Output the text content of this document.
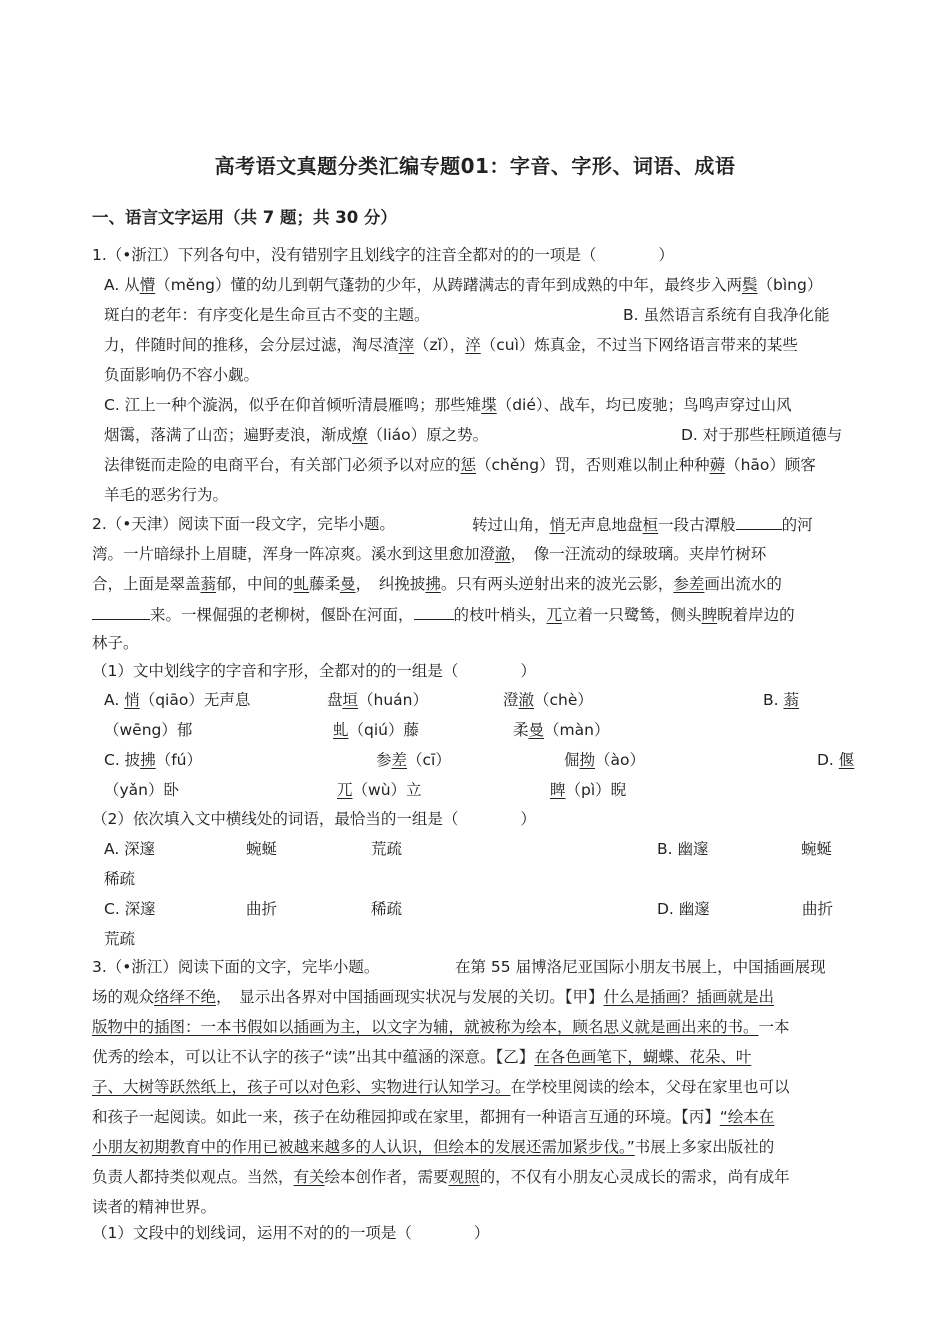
高考语文真题分类汇编专题01：字音、字形、词语、成语
一、语言文字运用（共 7 题；共 30 分）
1.（•浙江）下列各句中，没有错别字且划线字的注音全都对的的一项是（　　　　）
A. 从懵（měng）懂的幼儿到朝气蓬勃的少年，从踌躇满志的青年到成熟的中年，最终步入两鬓（bìng）
斑白的老年：有序变化是生命亘古不变的主题。	B. 虽然语言系统有自我净化能
力，伴随时间的推移，会分层过滤，淘尽渣滓（zǐ），淬（cuì）炼真金，不过当下网络语言带来的某些
负面影响仍不容小觑。
C. 江上一种个漩涡，似乎在仰首倾听清晨雁鸣；那些雉堞（dié）、战车，均已废驰；鸟鸣声穿过山风
烟霭，落满了山峦；遍野麦浪，渐成燎（liáo）原之势。	D. 对于那些枉顾道德与
法律铤而走险的电商平台，有关部门必须予以对应的惩（chěng）罚，否则难以制止种种薅（hāo）顾客
羊毛的恶劣行为。
2.（•天津）阅读下面一段文字，完毕小题。	转过山角，悄无声息地盘桓一段古潭般	的河
湾。一片暗绿扑上眉睫，浑身一阵凉爽。溪水到这里愈加澄澈，　像一汪流动的绿玻璃。夹岸竹树环
合，上面是翠盖蓊郁，中间的虬藤柔曼，　纠挽披拂。只有两头逆射出来的波光云影，参差画出流水的
来。一棵倔强的老柳树，偃卧在河面，	的枝叶梢头，兀立着一只鹭鸶，侧头睥睨着岸边的
林子。
（1）文中划线字的字音和字形，全都对的的一组是（　　　　）
A. 悄（qiāo）无声息	盘垣（huán）	澄澈（chè）	B. 蓊
（wēng）郁	虬（qiú）藤	柔曼（màn）
C. 披拂（fú）	参差（cī）	倔拗（ào）	D. 偃
（yǎn）卧	兀（wù）立	睥（pì）睨
（2）依次填入文中横线处的词语，最恰当的一组是（　　　　）
A. 深邃	蜿蜒	荒疏	B. 幽邃	蜿蜒
稀疏
C. 深邃	曲折	稀疏	D. 幽邃	曲折
荒疏
3.（•浙江）阅读下面的文字，完毕小题。	在第 55 届博洛尼亚国际小朋友书展上，中国插画展现
场的观众络绎不绝，　显示出各界对中国插画现实状况与发展的关切。【甲】什么是插画？插画就是出
版物中的插图：一本书假如以插画为主，以文字为辅，就被称为绘本，顾名思义就是画出来的书。一本
优秀的绘本，可以让不认字的孩子“读”出其中蕴涵的深意。【乙】在各色画笔下，蝴蝶、花朵、叶
子、大树等跃然纸上，孩子可以对色彩、实物进行认知学习。在学校里阅读的绘本，父母在家里也可以
和孩子一起阅读。如此一来，孩子在幼稚园抑或在家里，都拥有一种语言互通的环境。【丙】“绘本在
小朋友初期教育中的作用已被越来越多的人认识，但绘本的发展还需加紧步伐。”书展上多家出版社的
负责人都持类似观点。当然，有关绘本创作者，需要观照的，不仅有小朋友心灵成长的需求，尚有成年
读者的精神世界。
（1）文段中的划线词，运用不对的的一项是（　　　　）
